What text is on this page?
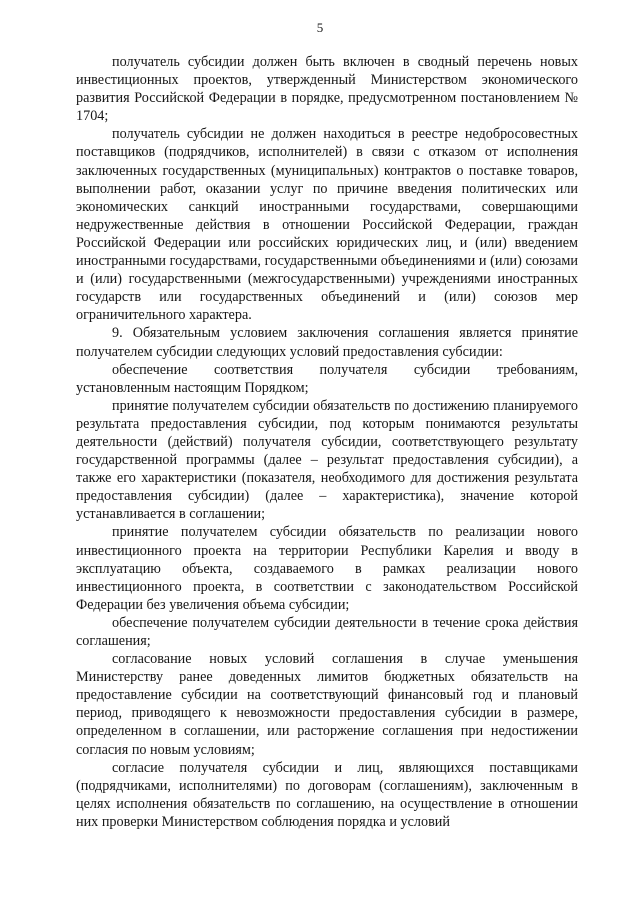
5

получатель субсидии должен быть включен в сводный перечень новых инвестиционных проектов, утвержденный Министерством экономического развития Российской Федерации в порядке, предусмотренном постановлением № 1704;

получатель субсидии не должен находиться в реестре недобросовестных поставщиков (подрядчиков, исполнителей) в связи с отказом от исполнения заключенных государственных (муниципальных) контрактов о поставке товаров, выполнении работ, оказании услуг по причине введения политических или экономических санкций иностранными государствами, совершающими недружественные действия в отношении Российской Федерации, граждан Российской Федерации или российских юридических лиц, и (или) введением иностранными государствами, государственными объединениями и (или) союзами и (или) государственными (межгосударственными) учреждениями иностранных государств или государственных объединений и (или) союзов мер ограничительного характера.

9. Обязательным условием заключения соглашения является принятие получателем субсидии следующих условий предоставления субсидии:

обеспечение соответствия получателя субсидии требованиям, установленным настоящим Порядком;

принятие получателем субсидии обязательств по достижению планируемого результата предоставления субсидии, под которым понимаются результаты деятельности (действий) получателя субсидии, соответствующего результату государственной программы (далее – результат предоставления субсидии), а также его характеристики (показателя, необходимого для достижения результата предоставления субсидии) (далее – характеристика), значение которой устанавливается в соглашении;

принятие получателем субсидии обязательств по реализации нового инвестиционного проекта на территории Республики Карелия и вводу в эксплуатацию объекта, создаваемого в рамках реализации нового инвестиционного проекта, в соответствии с законодательством Российской Федерации без увеличения объема субсидии;

обеспечение получателем субсидии деятельности в течение срока действия соглашения;

согласование новых условий соглашения в случае уменьшения Министерству ранее доведенных лимитов бюджетных обязательств на предоставление субсидии на соответствующий финансовый год и плановый период, приводящего к невозможности предоставления субсидии в размере, определенном в соглашении, или расторжение соглашения при недостижении согласия по новым условиям;

согласие получателя субсидии и лиц, являющихся поставщиками (подрядчиками, исполнителями) по договорам (соглашениям), заключенным в целях исполнения обязательств по соглашению, на осуществление в отношении них проверки Министерством соблюдения порядка и условий
